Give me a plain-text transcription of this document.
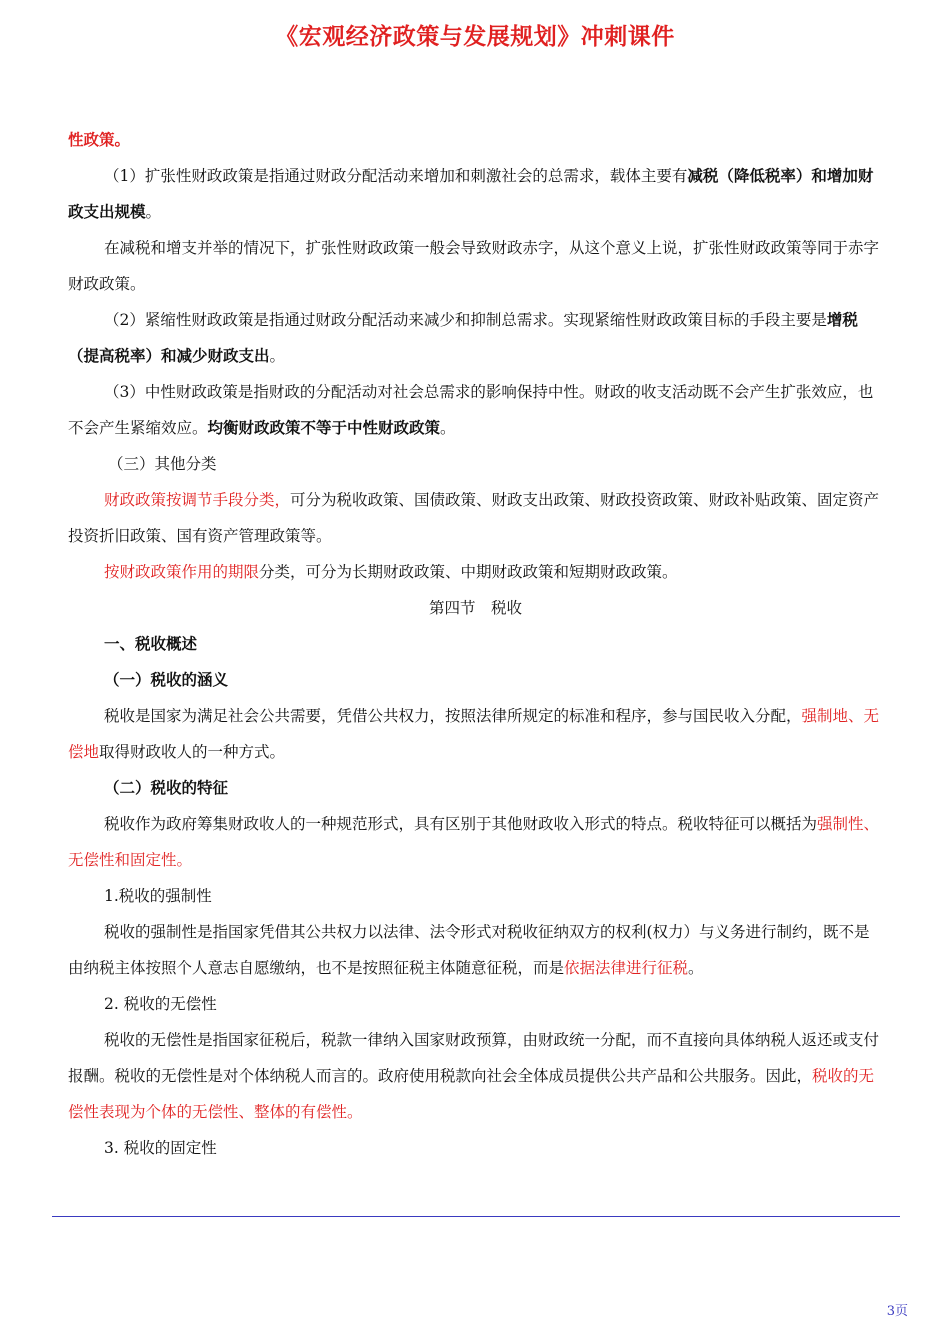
《宏观经济政策与发展规划》冲刺课件

性政策。

（1）扩张性财政政策是指通过财政分配活动来增加和刺激社会的总需求，载体主要有减税（降低税率）和增加财政支出规模。

在减税和增支并举的情况下，扩张性财政政策一般会导致财政赤字，从这个意义上说，扩张性财政政策等同于赤字财政政策。

（2）紧缩性财政政策是指通过财政分配活动来减少和抑制总需求。实现紧缩性财政政策目标的手段主要是增税（提高税率）和减少财政支出。

（3）中性财政政策是指财政的分配活动对社会总需求的影响保持中性。财政的收支活动既不会产生扩张效应，也不会产生紧缩效应。均衡财政政策不等于中性财政政策。

（三）其他分类

财政政策按调节手段分类，可分为税收政策、国债政策、财政支出政策、财政投资政策、财政补贴政策、固定资产投资折旧政策、国有资产管理政策等。

按财政政策作用的期限分类，可分为长期财政政策、中期财政政策和短期财政政策。

第四节　税收

一、税收概述

（一）税收的涵义

税收是国家为满足社会公共需要，凭借公共权力，按照法律所规定的标准和程序，参与国民收入分配，强制地、无偿地取得财政收人的一种方式。

（二）税收的特征

税收作为政府筹集财政收人的一种规范形式，具有区别于其他财政收入形式的特点。税收特征可以概括为强制性、无偿性和固定性。

1.税收的强制性

税收的强制性是指国家凭借其公共权力以法律、法令形式对税收征纳双方的权利(权力）与义务进行制约，既不是由纳税主体按照个人意志自愿缴纳，也不是按照征税主体随意征税，而是依据法律进行征税。

2. 税收的无偿性

税收的无偿性是指国家征税后，税款一律纳入国家财政预算，由财政统一分配，而不直接向具体纳税人返还或支付报酬。税收的无偿性是对个体纳税人而言的。政府使用税款向社会全体成员提供公共产品和公共服务。因此，税收的无偿性表现为个体的无偿性、整体的有偿性。

3. 税收的固定性

3页
